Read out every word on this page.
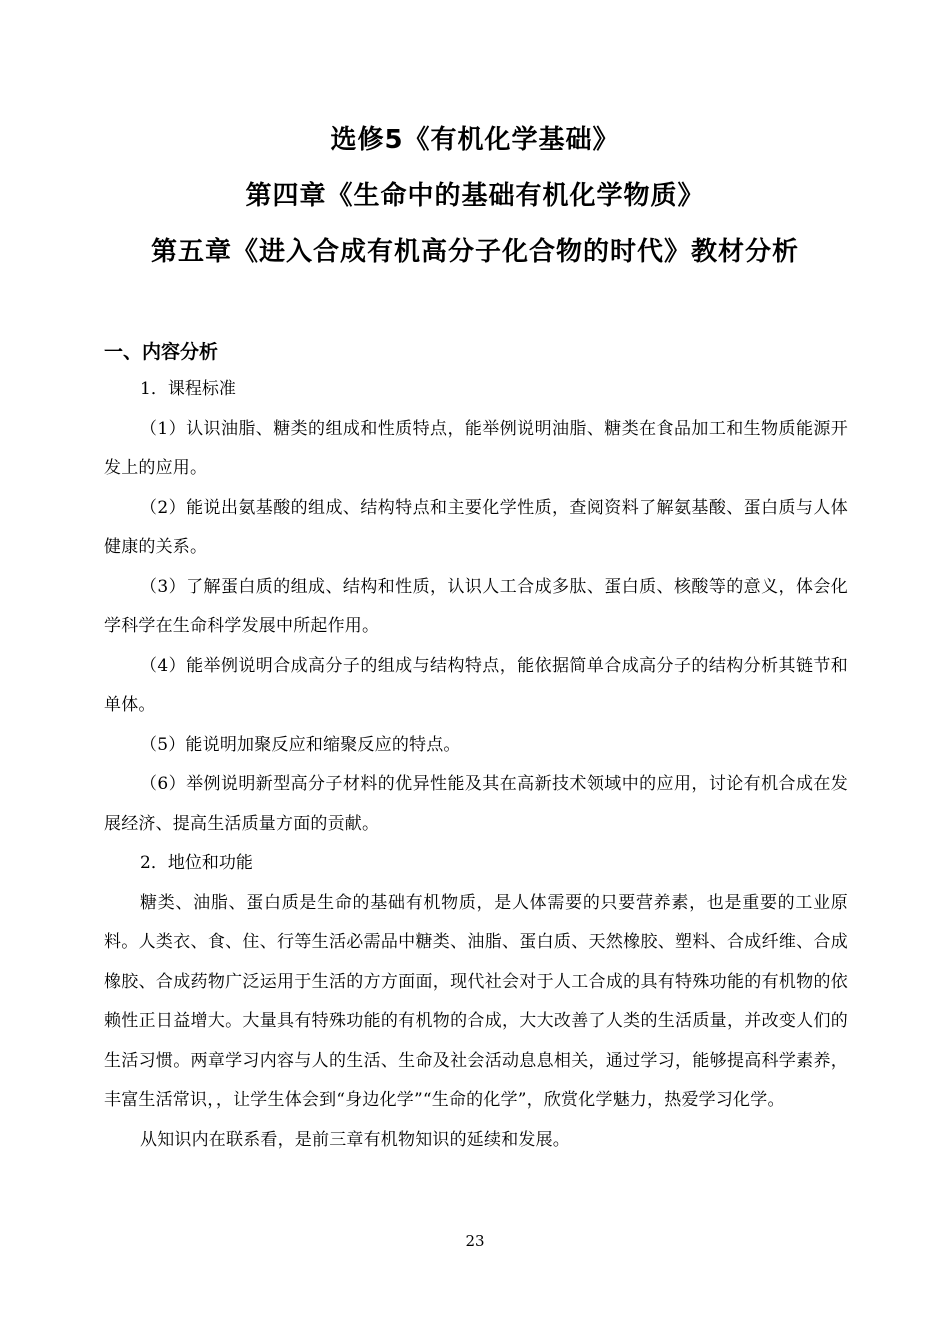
选修5《有机化学基础》

第四章《生命中的基础有机化学物质》

第五章《进入合成有机高分子化合物的时代》教材分析

一、内容分析

1．课程标准

（1）认识油脂、糖类的组成和性质特点，能举例说明油脂、糖类在食品加工和生物质能源开发上的应用。

（2）能说出氨基酸的组成、结构特点和主要化学性质，查阅资料了解氨基酸、蛋白质与人体健康的关系。

（3）了解蛋白质的组成、结构和性质，认识人工合成多肽、蛋白质、核酸等的意义，体会化学科学在生命科学发展中所起作用。

（4）能举例说明合成高分子的组成与结构特点，能依据简单合成高分子的结构分析其链节和单体。

（5）能说明加聚反应和缩聚反应的特点。

（6）举例说明新型高分子材料的优异性能及其在高新技术领域中的应用，讨论有机合成在发展经济、提高生活质量方面的贡献。

2．地位和功能

糖类、油脂、蛋白质是生命的基础有机物质，是人体需要的只要营养素，也是重要的工业原料。人类衣、食、住、行等生活必需品中糖类、油脂、蛋白质、天然橡胶、塑料、合成纤维、合成橡胶、合成药物广泛运用于生活的方方面面，现代社会对于人工合成的具有特殊功能的有机物的依赖性正日益增大。大量具有特殊功能的有机物的合成，大大改善了人类的生活质量，并改变人们的生活习惯。两章学习内容与人的生活、生命及社会活动息息相关，通过学习，能够提高科学素养，丰富生活常识，，让学生体会到“身边化学”“生命的化学”，欣赏化学魅力，热爱学习化学。

从知识内在联系看，是前三章有机物知识的延续和发展。

23
